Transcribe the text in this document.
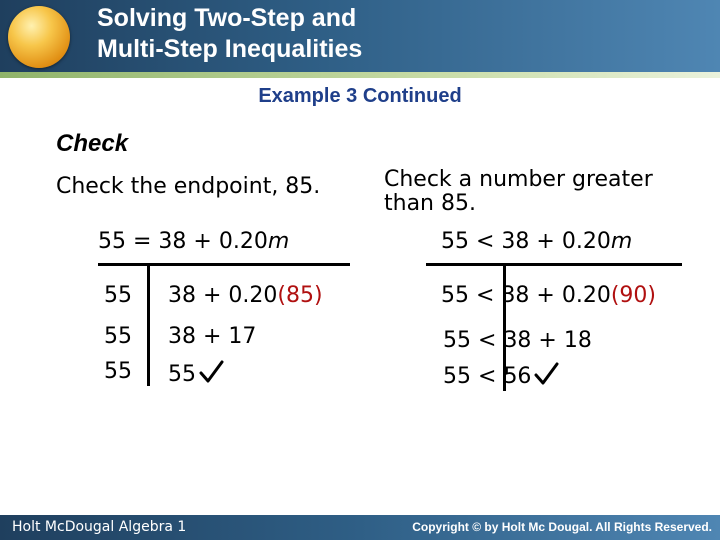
Solving Two-Step and
Multi-Step Inequalities
Example 3 Continued
Check
Check the endpoint, 85.
55 = 38 + 0.20m
55 38 + 0.20(85)
55 38 + 17
55 55
Check a number greater
than 85.
55 < 38 + 0.20m
55 < 38 + 0.20(90)
55 < 38 + 18
55 < 56
Holt McDougal Algebra 1	Copyright © by Holt Mc Dougal. All Rights Reserved.
